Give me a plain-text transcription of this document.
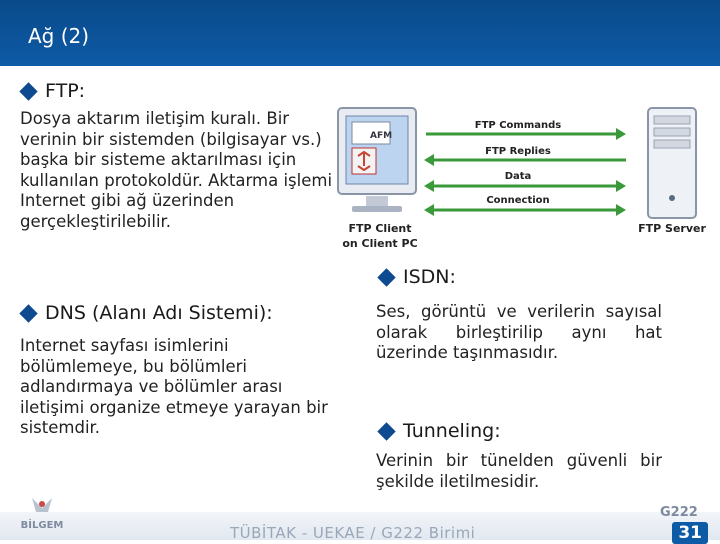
Ağ (2)
FTP:
Dosya aktarım iletişim kuralı. Bir verinin bir sistemden (bilgisayar vs.) başka bir sisteme aktarılması için kullanılan protokoldür. Aktarma işlemi Internet gibi ağ üzerinden gerçekleştirilebilir.
AFM
FTP Commands
FTP Replies
Data
Connection
FTP Client
on Client PC
FTP Server
ISDN:
Ses, görüntü ve verilerin sayısal olarak birleştirilip aynı hat üzerinde taşınmasıdır.
DNS (Alanı Adı Sistemi):
Internet sayfası isimlerini bölümlemeye, bu bölümleri adlandırmaya ve bölümler arası iletişimi organize etmeye yarayan bir sistemdir.	Tunneling:
Verinin bir tünelden güvenli bir şekilde iletilmesidir.
BİLGEM	TÜBİTAK - UEKAE / G222 Birimi
G222
31
